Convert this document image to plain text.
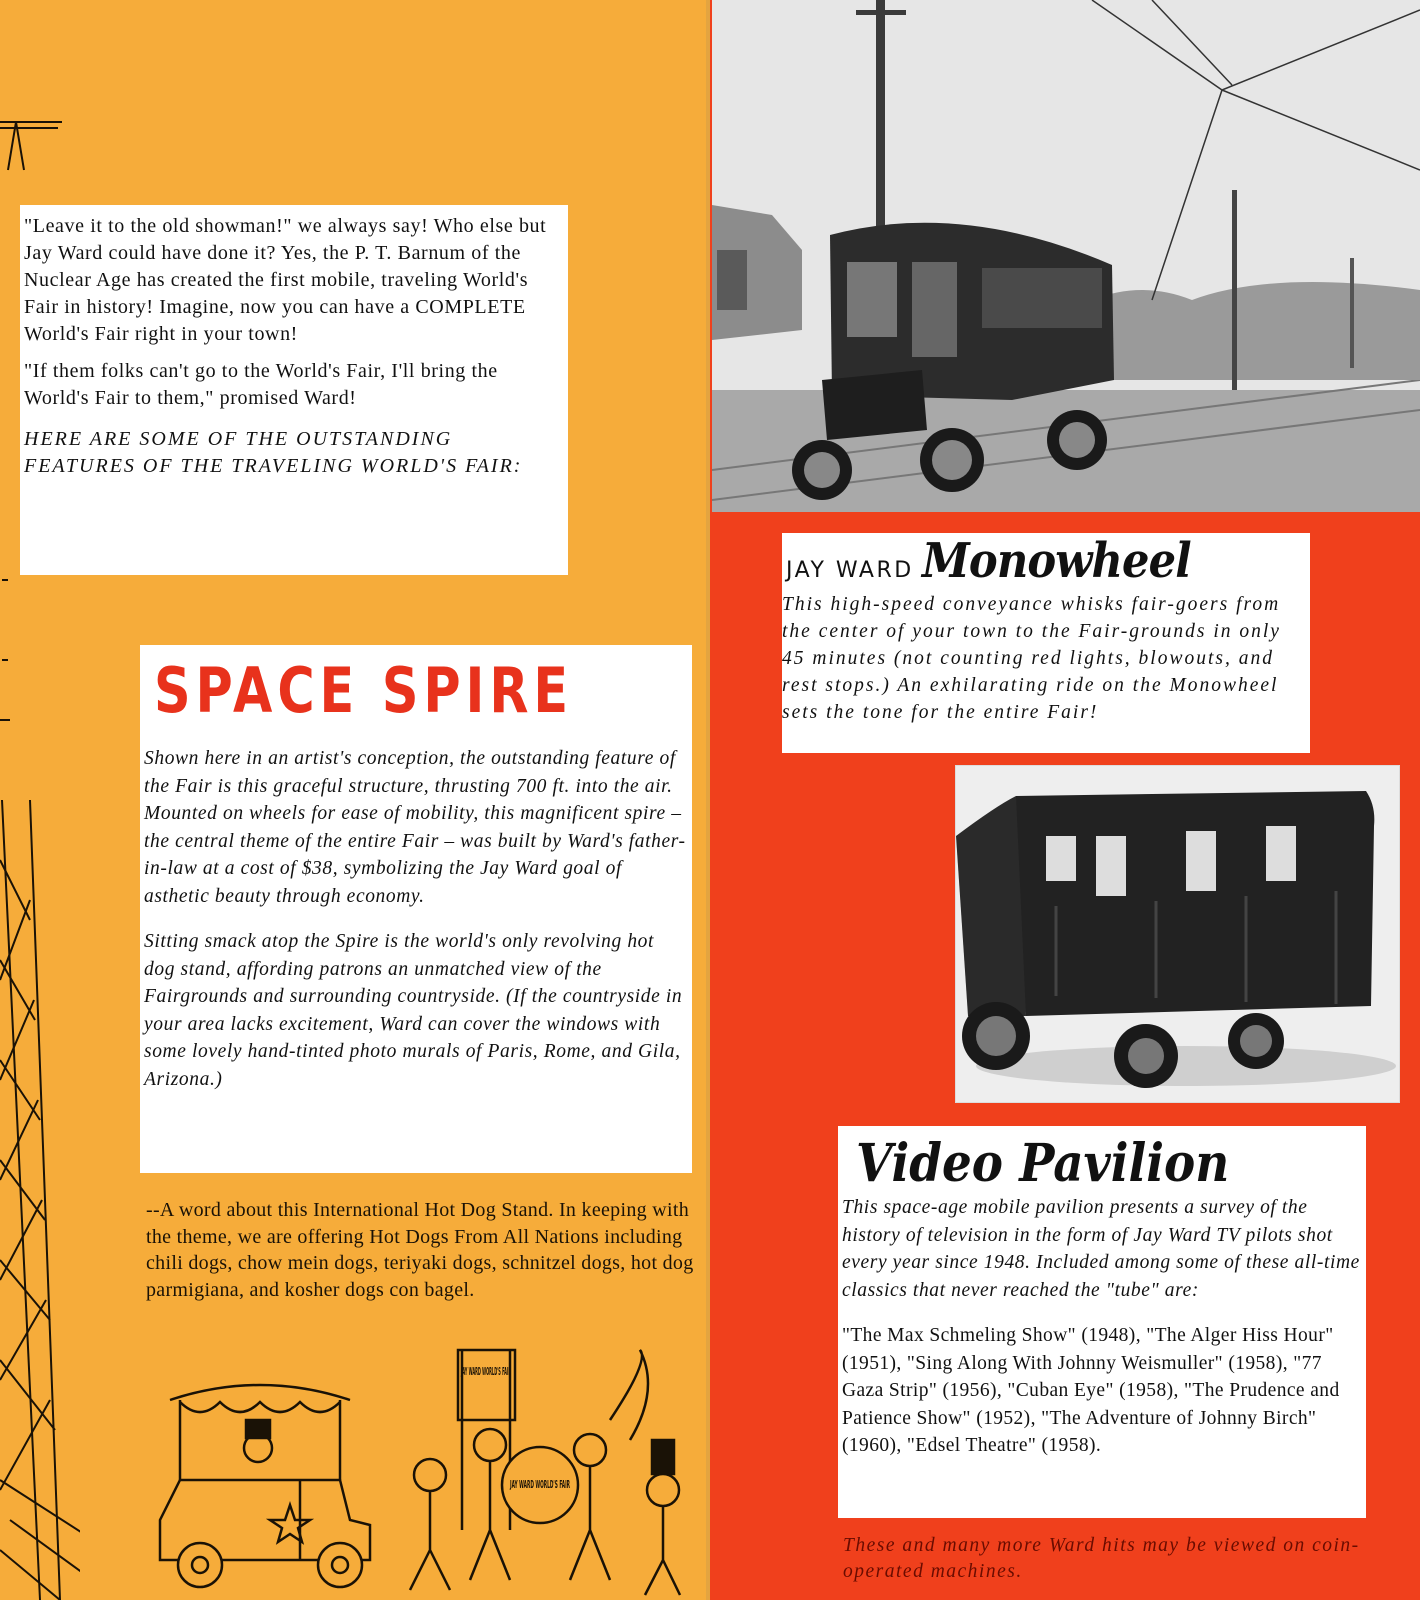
"Leave it to the old showman!" we always say! Who else but Jay Ward could have done it? Yes, the P. T. Barnum of the Nuclear Age has created the first mobile, traveling World's Fair in history! Imagine, now you can have a COMPLETE World's Fair right in your town!

"If them folks can't go to the World's Fair, I'll bring the World's Fair to them," promised Ward!

HERE ARE SOME OF THE OUTSTANDING FEATURES OF THE TRAVELING WORLD'S FAIR:

SPACE SPIRE

Shown here in an artist's conception, the outstanding feature of the Fair is this graceful structure, thrusting 700 ft. into the air. Mounted on wheels for ease of mobility, this magnificent spire – the central theme of the entire Fair – was built by Ward's father-in-law at a cost of $38, symbolizing the Jay Ward goal of asthetic beauty through economy.

Sitting smack atop the Spire is the world's only revolving hot dog stand, affording patrons an unmatched view of the Fairgrounds and surrounding countryside. (If the countryside in your area lacks excitement, Ward can cover the windows with some lovely hand-tinted photo murals of Paris, Rome, and Gila, Arizona.)

--A word about this International Hot Dog Stand. In keeping with the theme, we are offering Hot Dogs From All Nations including chili dogs, chow mein dogs, teriyaki dogs, schnitzel dogs, hot dog parmigiana, and kosher dogs con bagel.
JAY WARD WORLD'S FAIR
JAY WARD WORLD'S FAIR
JAY WARD Monowheel

This high-speed conveyance whisks fair-goers from the center of your town to the Fair-grounds in only 45 minutes (not counting red lights, blowouts, and rest stops.) An exhilarating ride on the Monowheel sets the tone for the entire Fair!

Video Pavilion

This space-age mobile pavilion presents a survey of the history of television in the form of Jay Ward TV pilots shot every year since 1948. Included among some of these all-time classics that never reached the "tube" are:

"The Max Schmeling Show" (1948), "The Alger Hiss Hour" (1951), "Sing Along With Johnny Weismuller" (1958), "77 Gaza Strip" (1956), "Cuban Eye" (1958), "The Prudence and Patience Show" (1952), "The Adventure of Johnny Birch" (1960), "Edsel Theatre" (1958).

These and many more Ward hits may be viewed on coin-operated machines.
